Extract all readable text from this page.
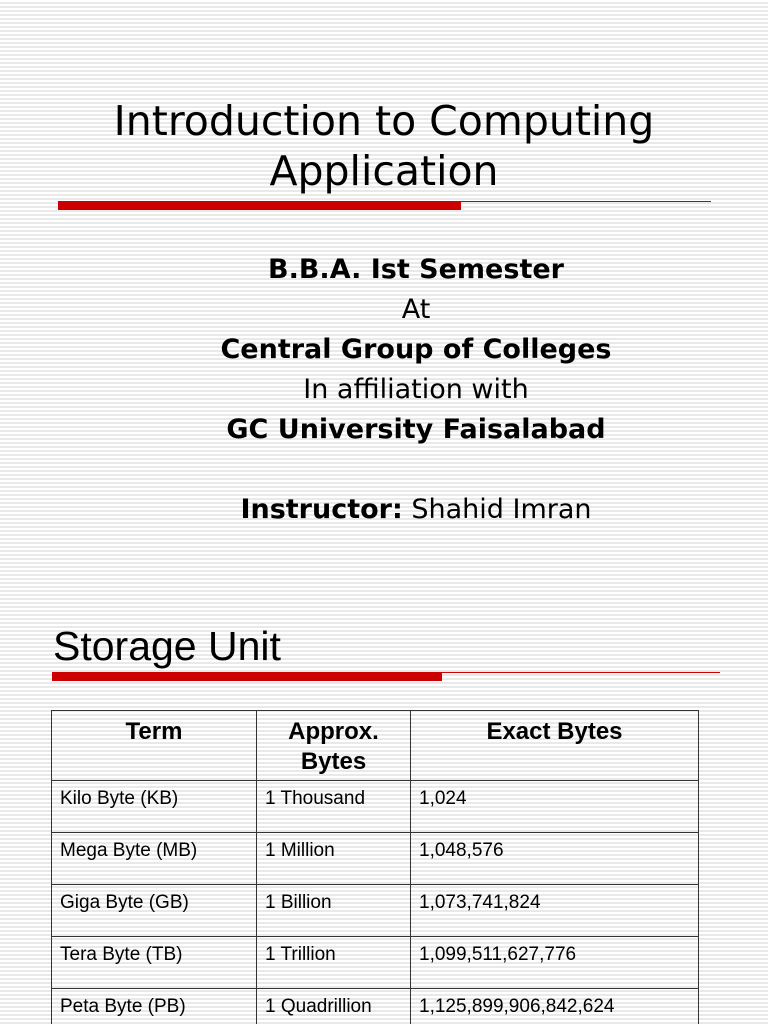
Introduction to Computing
Application
B.B.A. Ist Semester
At
Central Group of Colleges
In affiliation with
GC University Faisalabad
Instructor: Shahid Imran
Storage Unit
Term	Approx. Bytes	Exact Bytes
Kilo Byte (KB)	1 Thousand	1,024
Mega Byte (MB)	1 Million	1,048,576
Giga Byte (GB)	1 Billion	1,073,741,824
Tera Byte (TB)	1 Trillion	1,099,511,627,776
Peta Byte (PB)	1 Quadrillion	1,125,899,906,842,624
